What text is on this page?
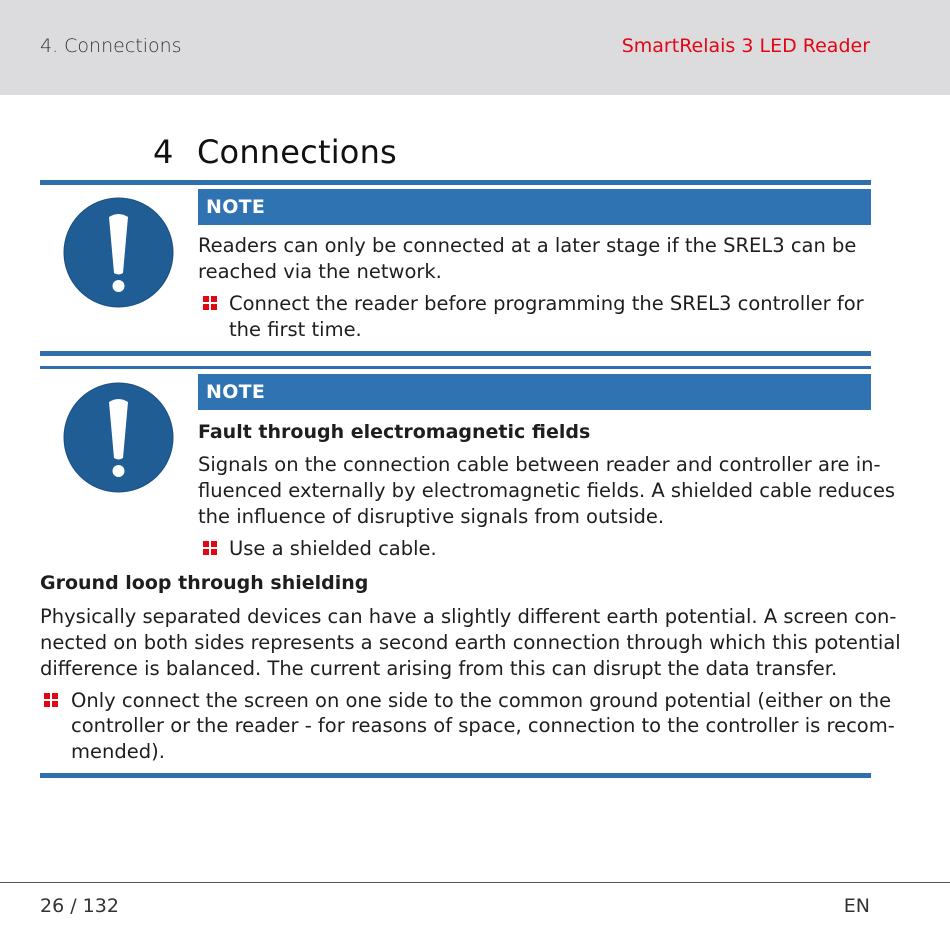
4. Connections	SmartRelais 3 LED Reader
4 Connections
NOTE
Readers can only be connected at a later stage if the SREL3 can be
reached via the network.
Connect the reader before programming the SREL3 controller for
the first time.
NOTE
Fault through electromagnetic fields
Signals on the connection cable between reader and controller are in-
fluenced externally by electromagnetic fields. A shielded cable reduces
the influence of disruptive signals from outside.
Use a shielded cable.
Ground loop through shielding
Physically separated devices can have a slightly different earth potential. A screen con-
nected on both sides represents a second earth connection through which this potential
difference is balanced. The current arising from this can disrupt the data transfer.
Only connect the screen on one side to the common ground potential (either on the
controller or the reader - for reasons of space, connection to the controller is recom-
mended).
26 / 132	EN
